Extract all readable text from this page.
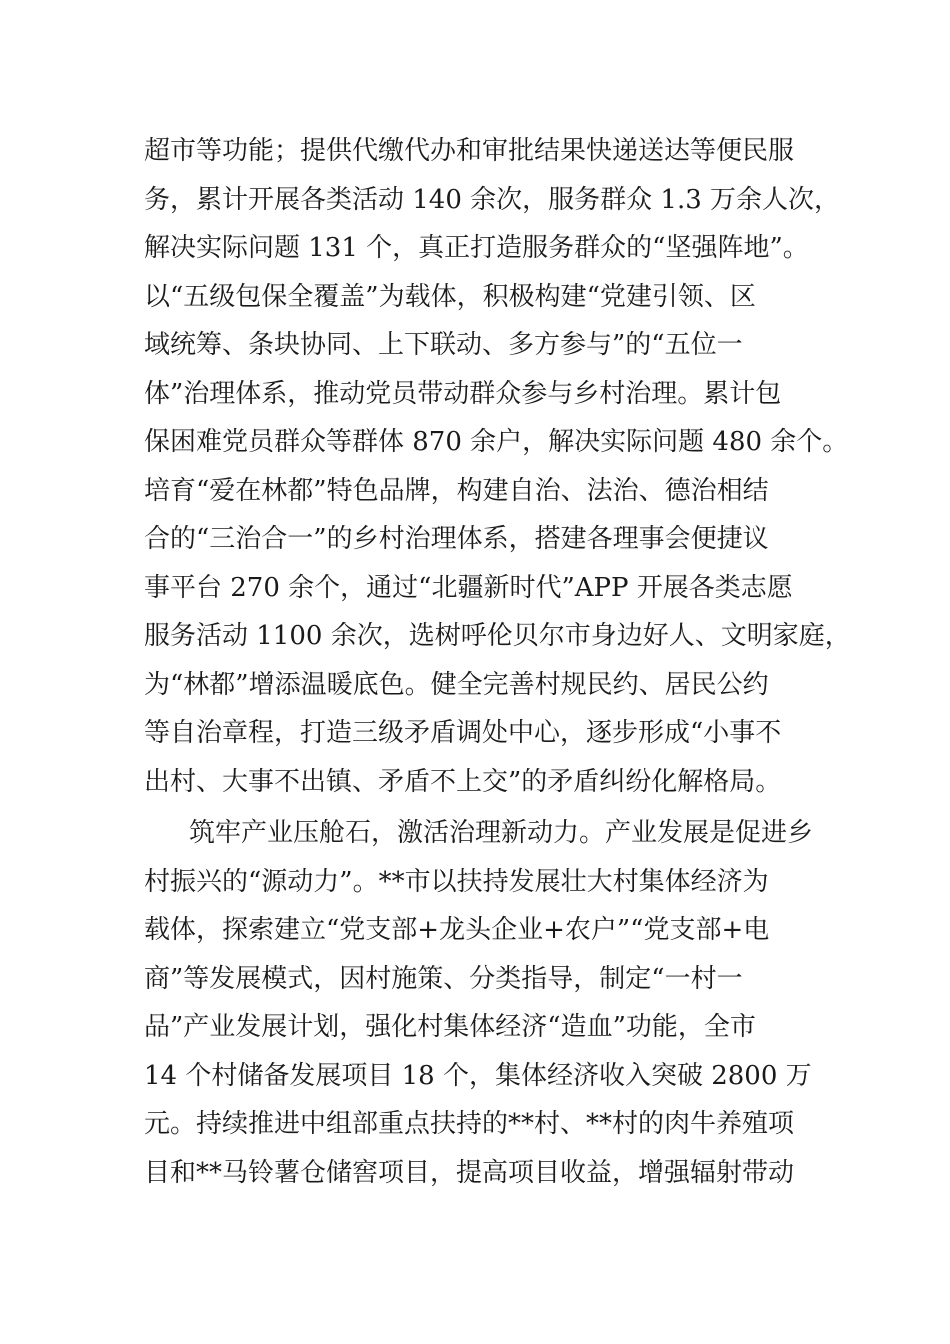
超市等功能；提供代缴代办和审批结果快递送达等便民服
务，累计开展各类活动 140 余次，服务群众 1.3 万余人次，
解决实际问题 131 个，真正打造服务群众的“坚强阵地”。
以“五级包保全覆盖”为载体，积极构建“党建引领、区
域统筹、条块协同、上下联动、多方参与”的“五位一
体”治理体系，推动党员带动群众参与乡村治理。累计包
保困难党员群众等群体 870 余户，解决实际问题 480 余个。
培育“爱在林都”特色品牌，构建自治、法治、德治相结
合的“三治合一”的乡村治理体系，搭建各理事会便捷议
事平台 270 余个，通过“北疆新时代”APP 开展各类志愿
服务活动 1100 余次，选树呼伦贝尔市身边好人、文明家庭，
为“林都”增添温暖底色。健全完善村规民约、居民公约
等自治章程，打造三级矛盾调处中心，逐步形成“小事不
出村、大事不出镇、矛盾不上交”的矛盾纠纷化解格局。
筑牢产业压舱石，激活治理新动力。产业发展是促进乡
村振兴的“源动力”。**市以扶持发展壮大村集体经济为
载体，探索建立“党支部+龙头企业+农户”“党支部+电
商”等发展模式，因村施策、分类指导，制定“一村一
品”产业发展计划，强化村集体经济“造血”功能，全市
14 个村储备发展项目 18 个，集体经济收入突破 2800 万
元。持续推进中组部重点扶持的**村、**村的肉牛养殖项
目和**马铃薯仓储窖项目，提高项目收益，增强辐射带动
